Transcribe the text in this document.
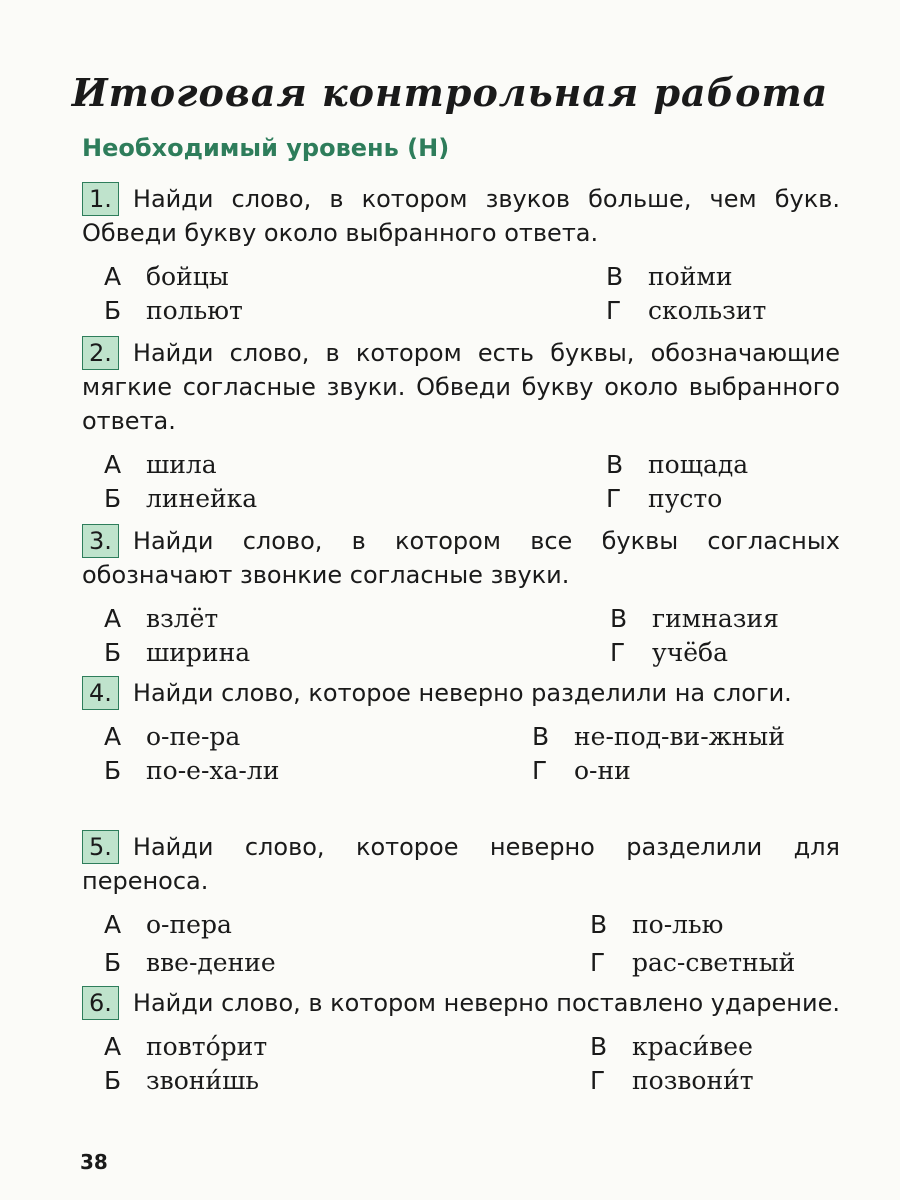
Итоговая контрольная работа
Необходимый уровень (Н)
1. Найди слово, в котором звуков больше, чем букв. Обведи букву около выбранного ответа.
А бойцы
Б польют
В пойми
Г скользит
2. Найди слово, в котором есть буквы, обозначающие мягкие согласные звуки. Обведи букву около выбранного ответа.
А шила
Б линейка
В пощада
Г пусто
3. Найди слово, в котором все буквы согласных обозначают звонкие согласные звуки.
А взлёт
Б ширина
В гимназия
Г учёба
4. Найди слово, которое неверно разделили на слоги.
А о-пе-ра
Б по-е-ха-ли
В не-под-ви-жный
Г о-ни
5. Найди слово, которое неверно разделили для переноса.
А о-пера
Б вве-дение
В по-лью
Г рас-светный
6. Найди слово, в котором неверно поставлено ударение.
А повто́рит
Б звони́шь
В краси́вее
Г позвони́т
38
